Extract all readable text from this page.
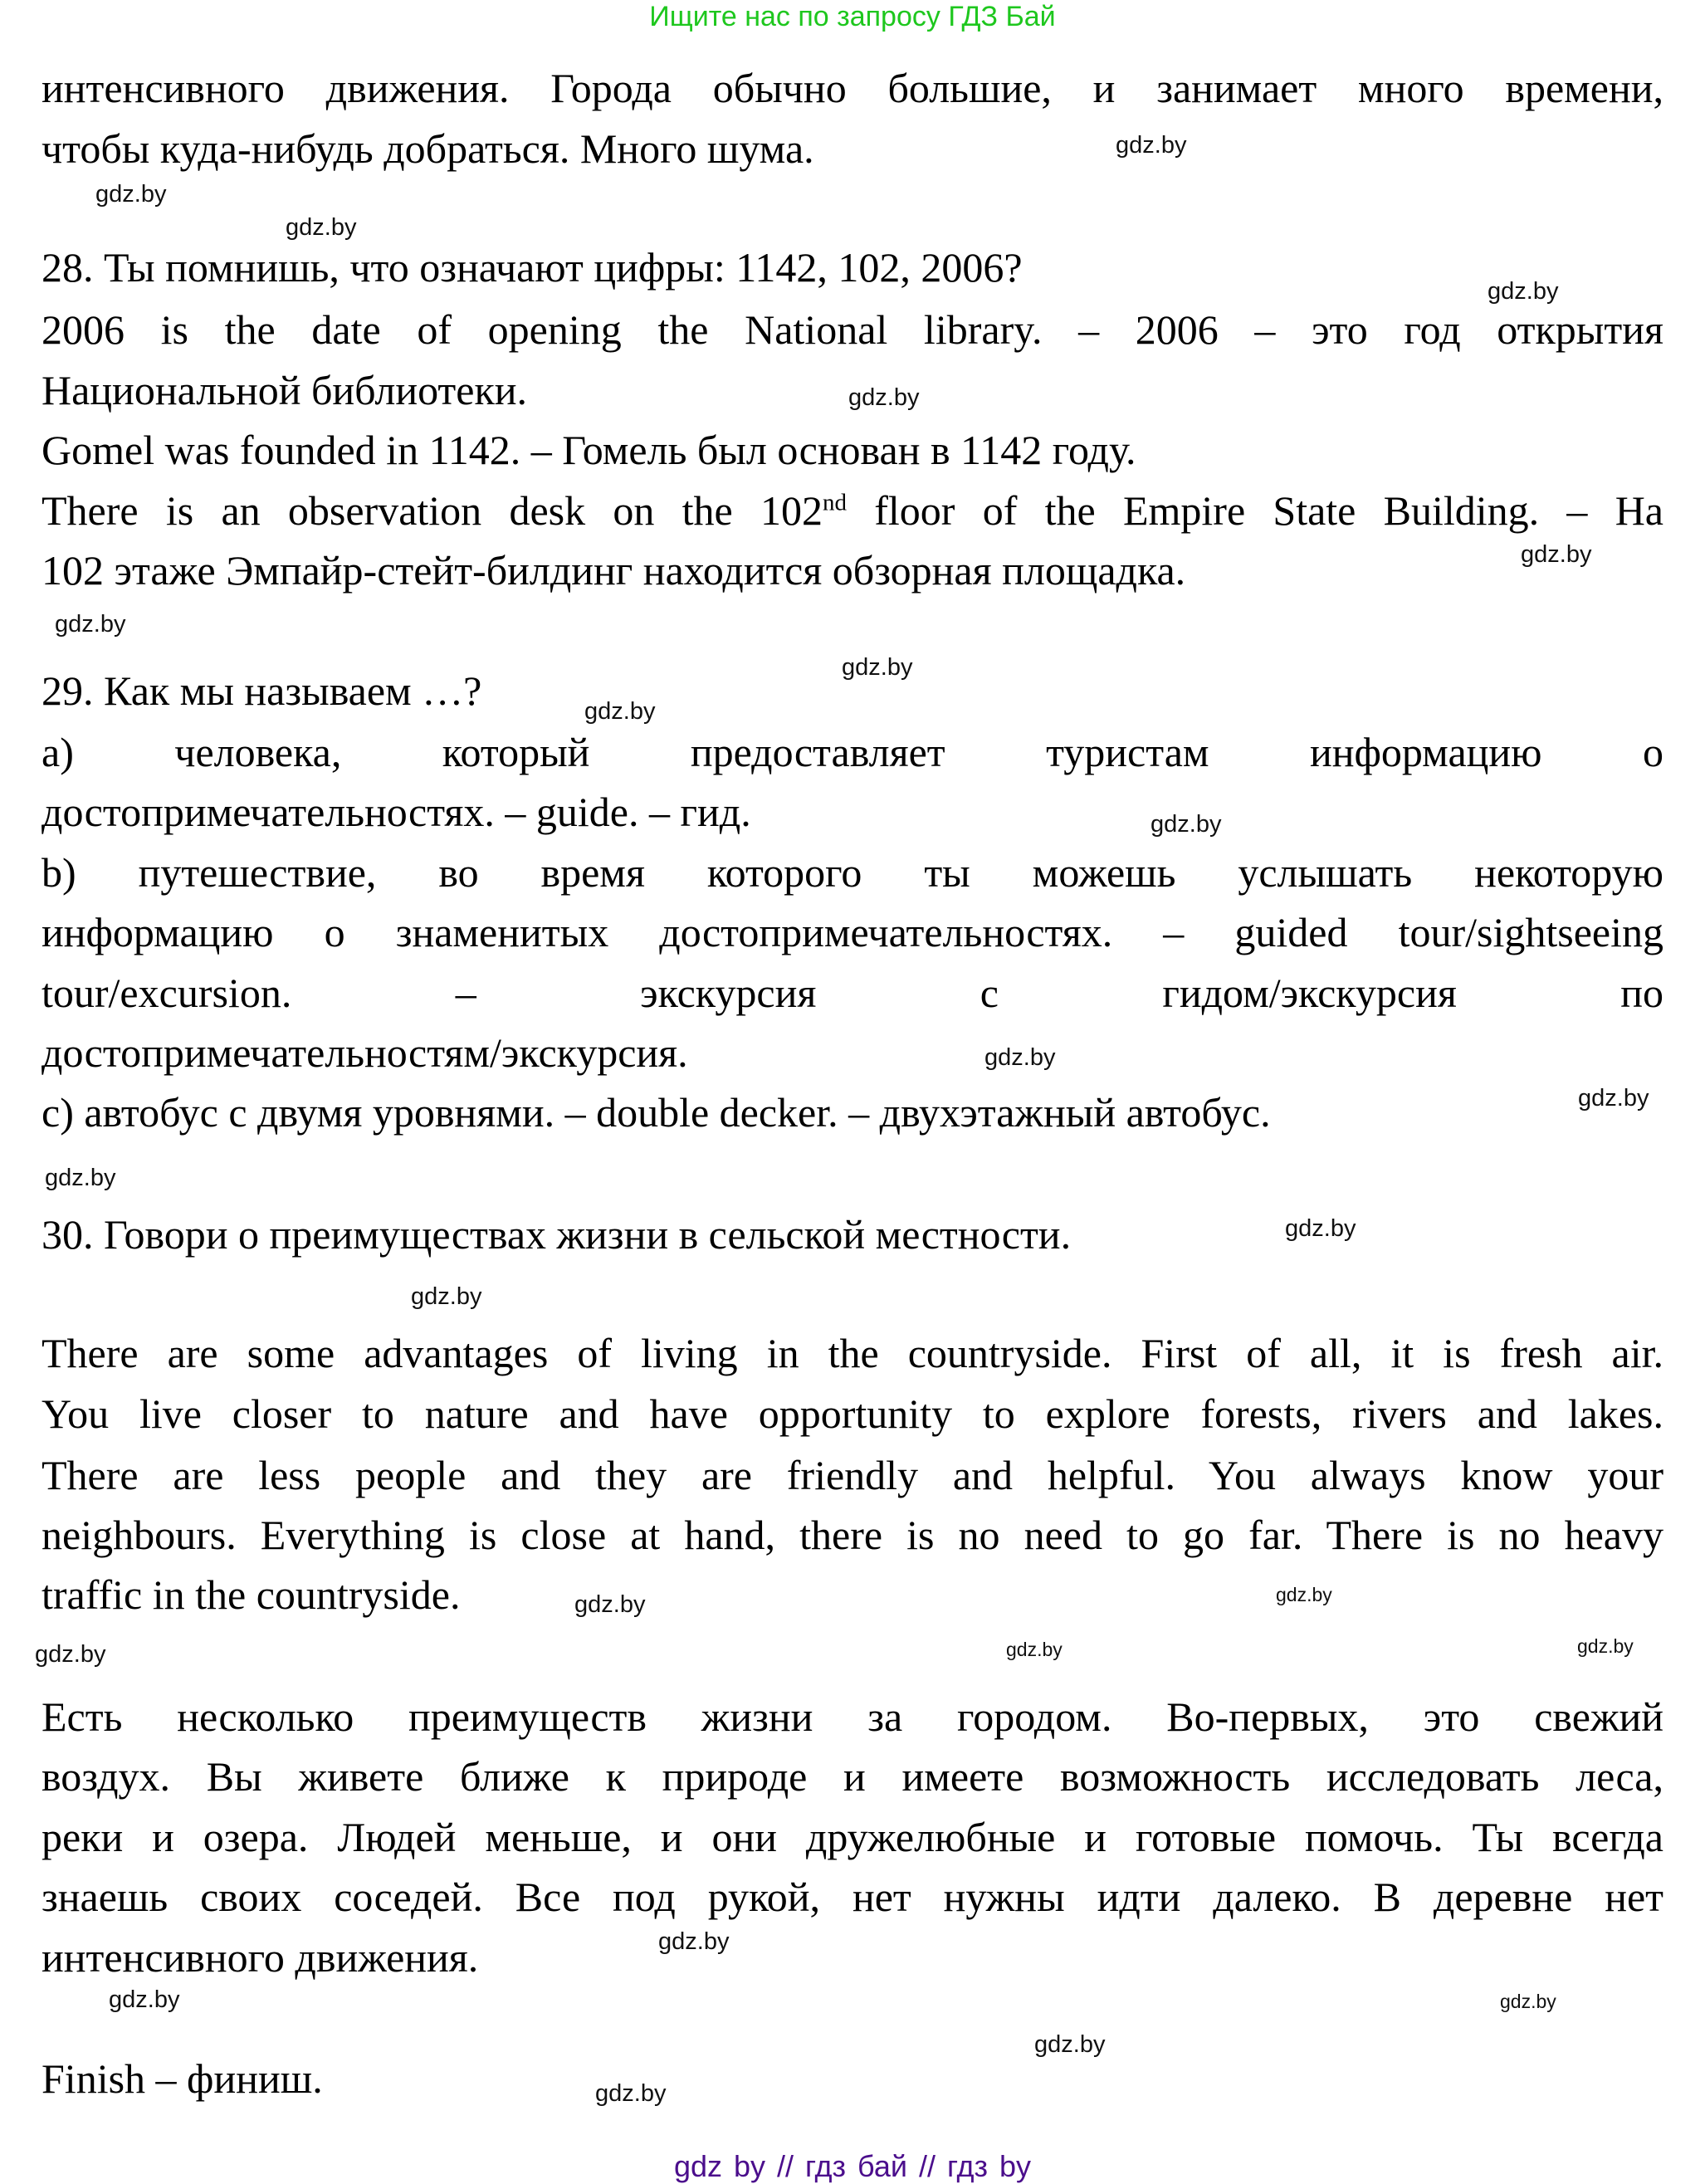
Ищите нас по запросу ГДЗ Бай
интенсивного движения. Города обычно большие, и занимает много времени,
чтобы куда-нибудь добраться. Много шума.
28. Ты помнишь, что означают цифры: 1142, 102, 2006?
2006 is the date of opening the National library. – 2006 – это год открытия
Национальной библиотеки.
Gomel was founded in 1142. – Гомель был основан в 1142 году.
There is an observation desk on the 102nd floor of the Empire State Building. – На
102 этаже Эмпайр-стейт-билдинг находится обзорная площадка.
29. Как мы называем …?
a) человека, который предоставляет туристам информацию о
достопримечательностях. – guide. – гид.
b) путешествие, во время которого ты можешь услышать некоторую
информацию о знаменитых достопримечательностях. – guided tour/sightseeing
tour/excursion. – экскурсия с гидом/экскурсия по
достопримечательностям/экскурсия.
c) автобус с двумя уровнями. – double decker. – двухэтажный автобус.
30. Говори о преимуществах жизни в сельской местности.
There are some advantages of living in the countryside. First of all, it is fresh air.
You live closer to nature and have opportunity to explore forests, rivers and lakes.
There are less people and they are friendly and helpful. You always know your
neighbours. Everything is close at hand, there is no need to go far. There is no heavy
traffic in the countryside.
Есть несколько преимуществ жизни за городом. Во-первых, это свежий
воздух. Вы живете ближе к природе и имеете возможность исследовать леса,
реки и озера. Людей меньше, и они дружелюбные и готовые помочь. Ты всегда
знаешь своих соседей. Все под рукой, нет нужны идти далеко. В деревне нет
интенсивного движения.
Finish – финиш.
gdz.by
gdz.by
gdz.by
gdz.by
gdz.by
gdz.by
gdz.by
gdz.by
gdz.by
gdz.by
gdz.by
gdz.by
gdz.by
gdz.by
gdz.by
gdz.by
gdz.by
gdz.by
gdz.by
gdz.by
gdz.by
gdz.by
gdz.by
gdz.by
gdz.by
gdz by // гдз бай // гдз by
